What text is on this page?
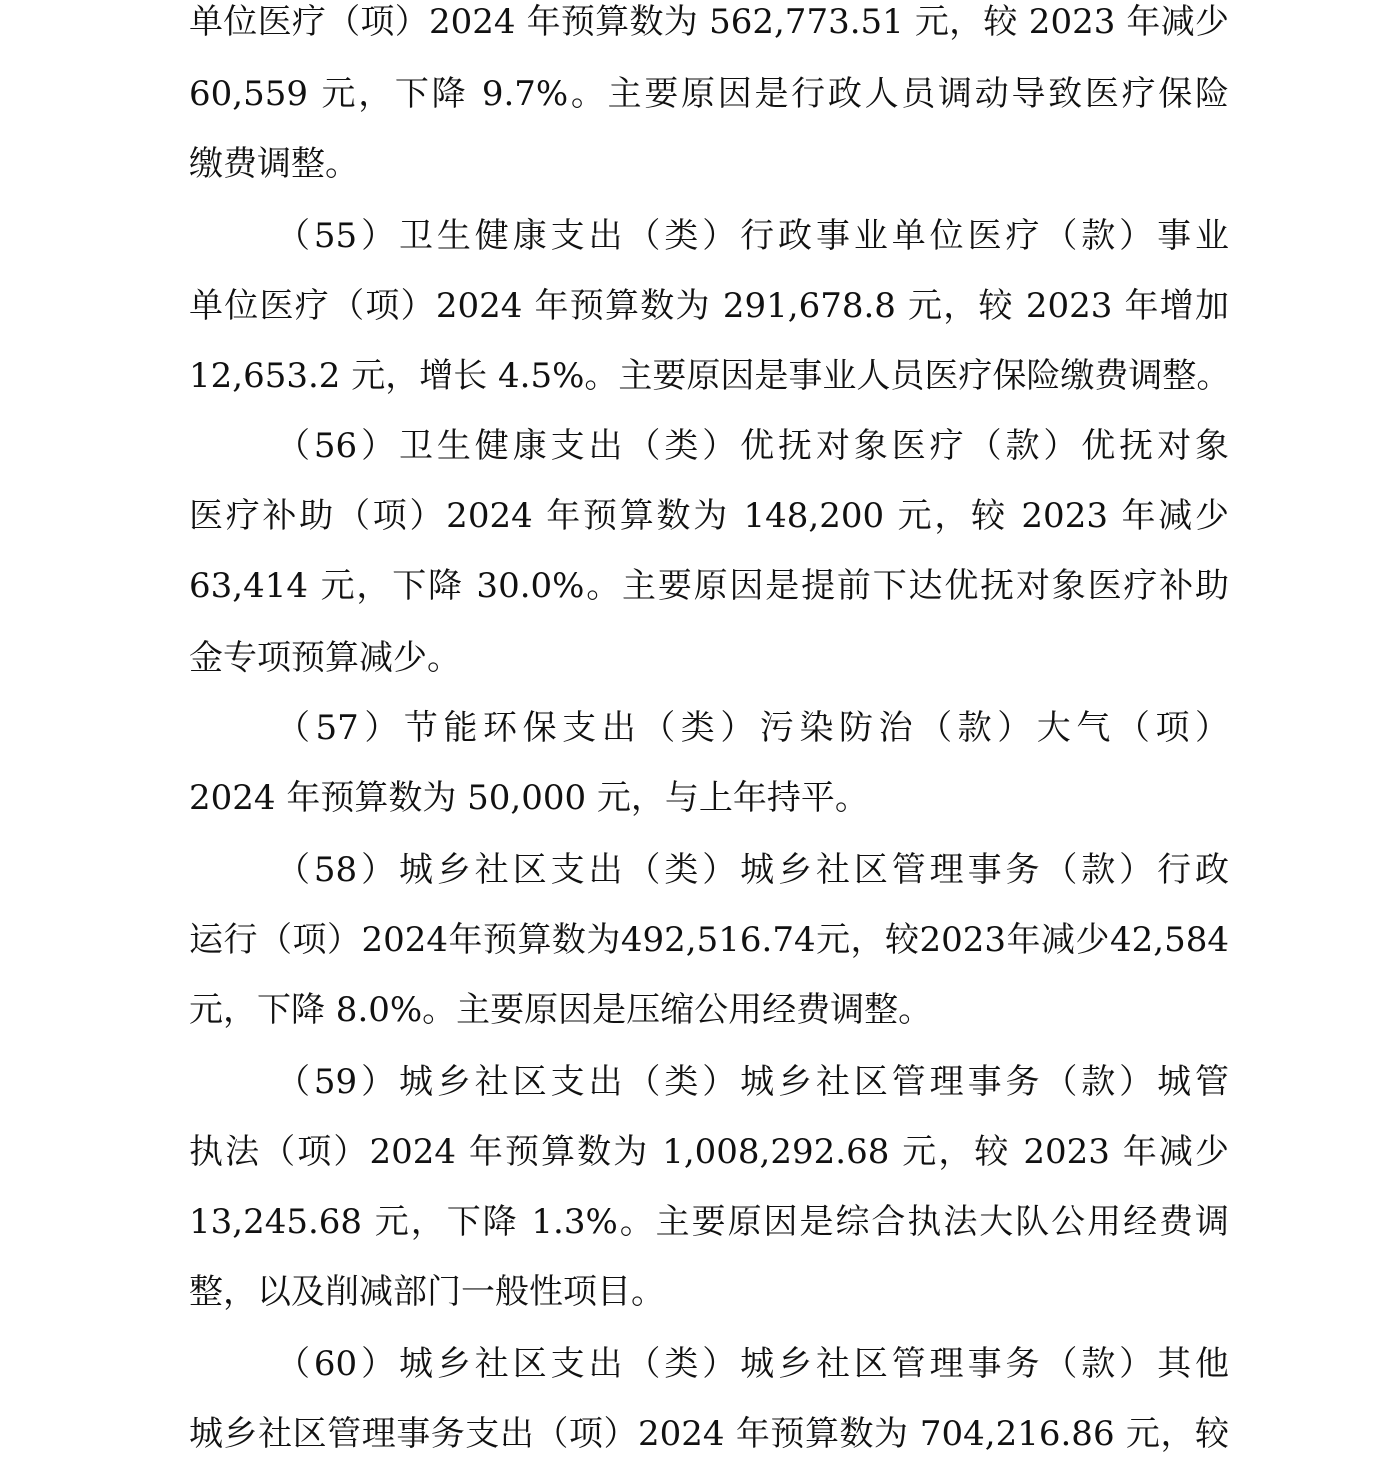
单位医疗（项）2024 年预算数为 562,773.51 元，较 2023 年减少
60,559 元，下降 9.7%。主要原因是行政人员调动导致医疗保险
缴费调整。
（55）卫生健康支出（类）行政事业单位医疗（款）事业
单位医疗（项）2024 年预算数为 291,678.8 元，较 2023 年增加
12,653.2 元，增长 4.5%。主要原因是事业人员医疗保险缴费调整。
（56）卫生健康支出（类）优抚对象医疗（款）优抚对象
医疗补助（项）2024 年预算数为 148,200 元，较 2023 年减少
63,414 元，下降 30.0%。主要原因是提前下达优抚对象医疗补助
金专项预算减少。
（57）节能环保支出（类）污染防治（款）大气（项）
2024 年预算数为 50,000 元，与上年持平。
（58）城乡社区支出（类）城乡社区管理事务（款）行政
运行（项）2024年预算数为492,516.74元，较2023年减少42,584
元，下降 8.0%。主要原因是压缩公用经费调整。
（59）城乡社区支出（类）城乡社区管理事务（款）城管
执法（项）2024 年预算数为 1,008,292.68 元，较 2023 年减少
13,245.68 元，下降 1.3%。主要原因是综合执法大队公用经费调
整，以及削减部门一般性项目。
（60）城乡社区支出（类）城乡社区管理事务（款）其他
城乡社区管理事务支出（项）2024 年预算数为 704,216.86 元，较
